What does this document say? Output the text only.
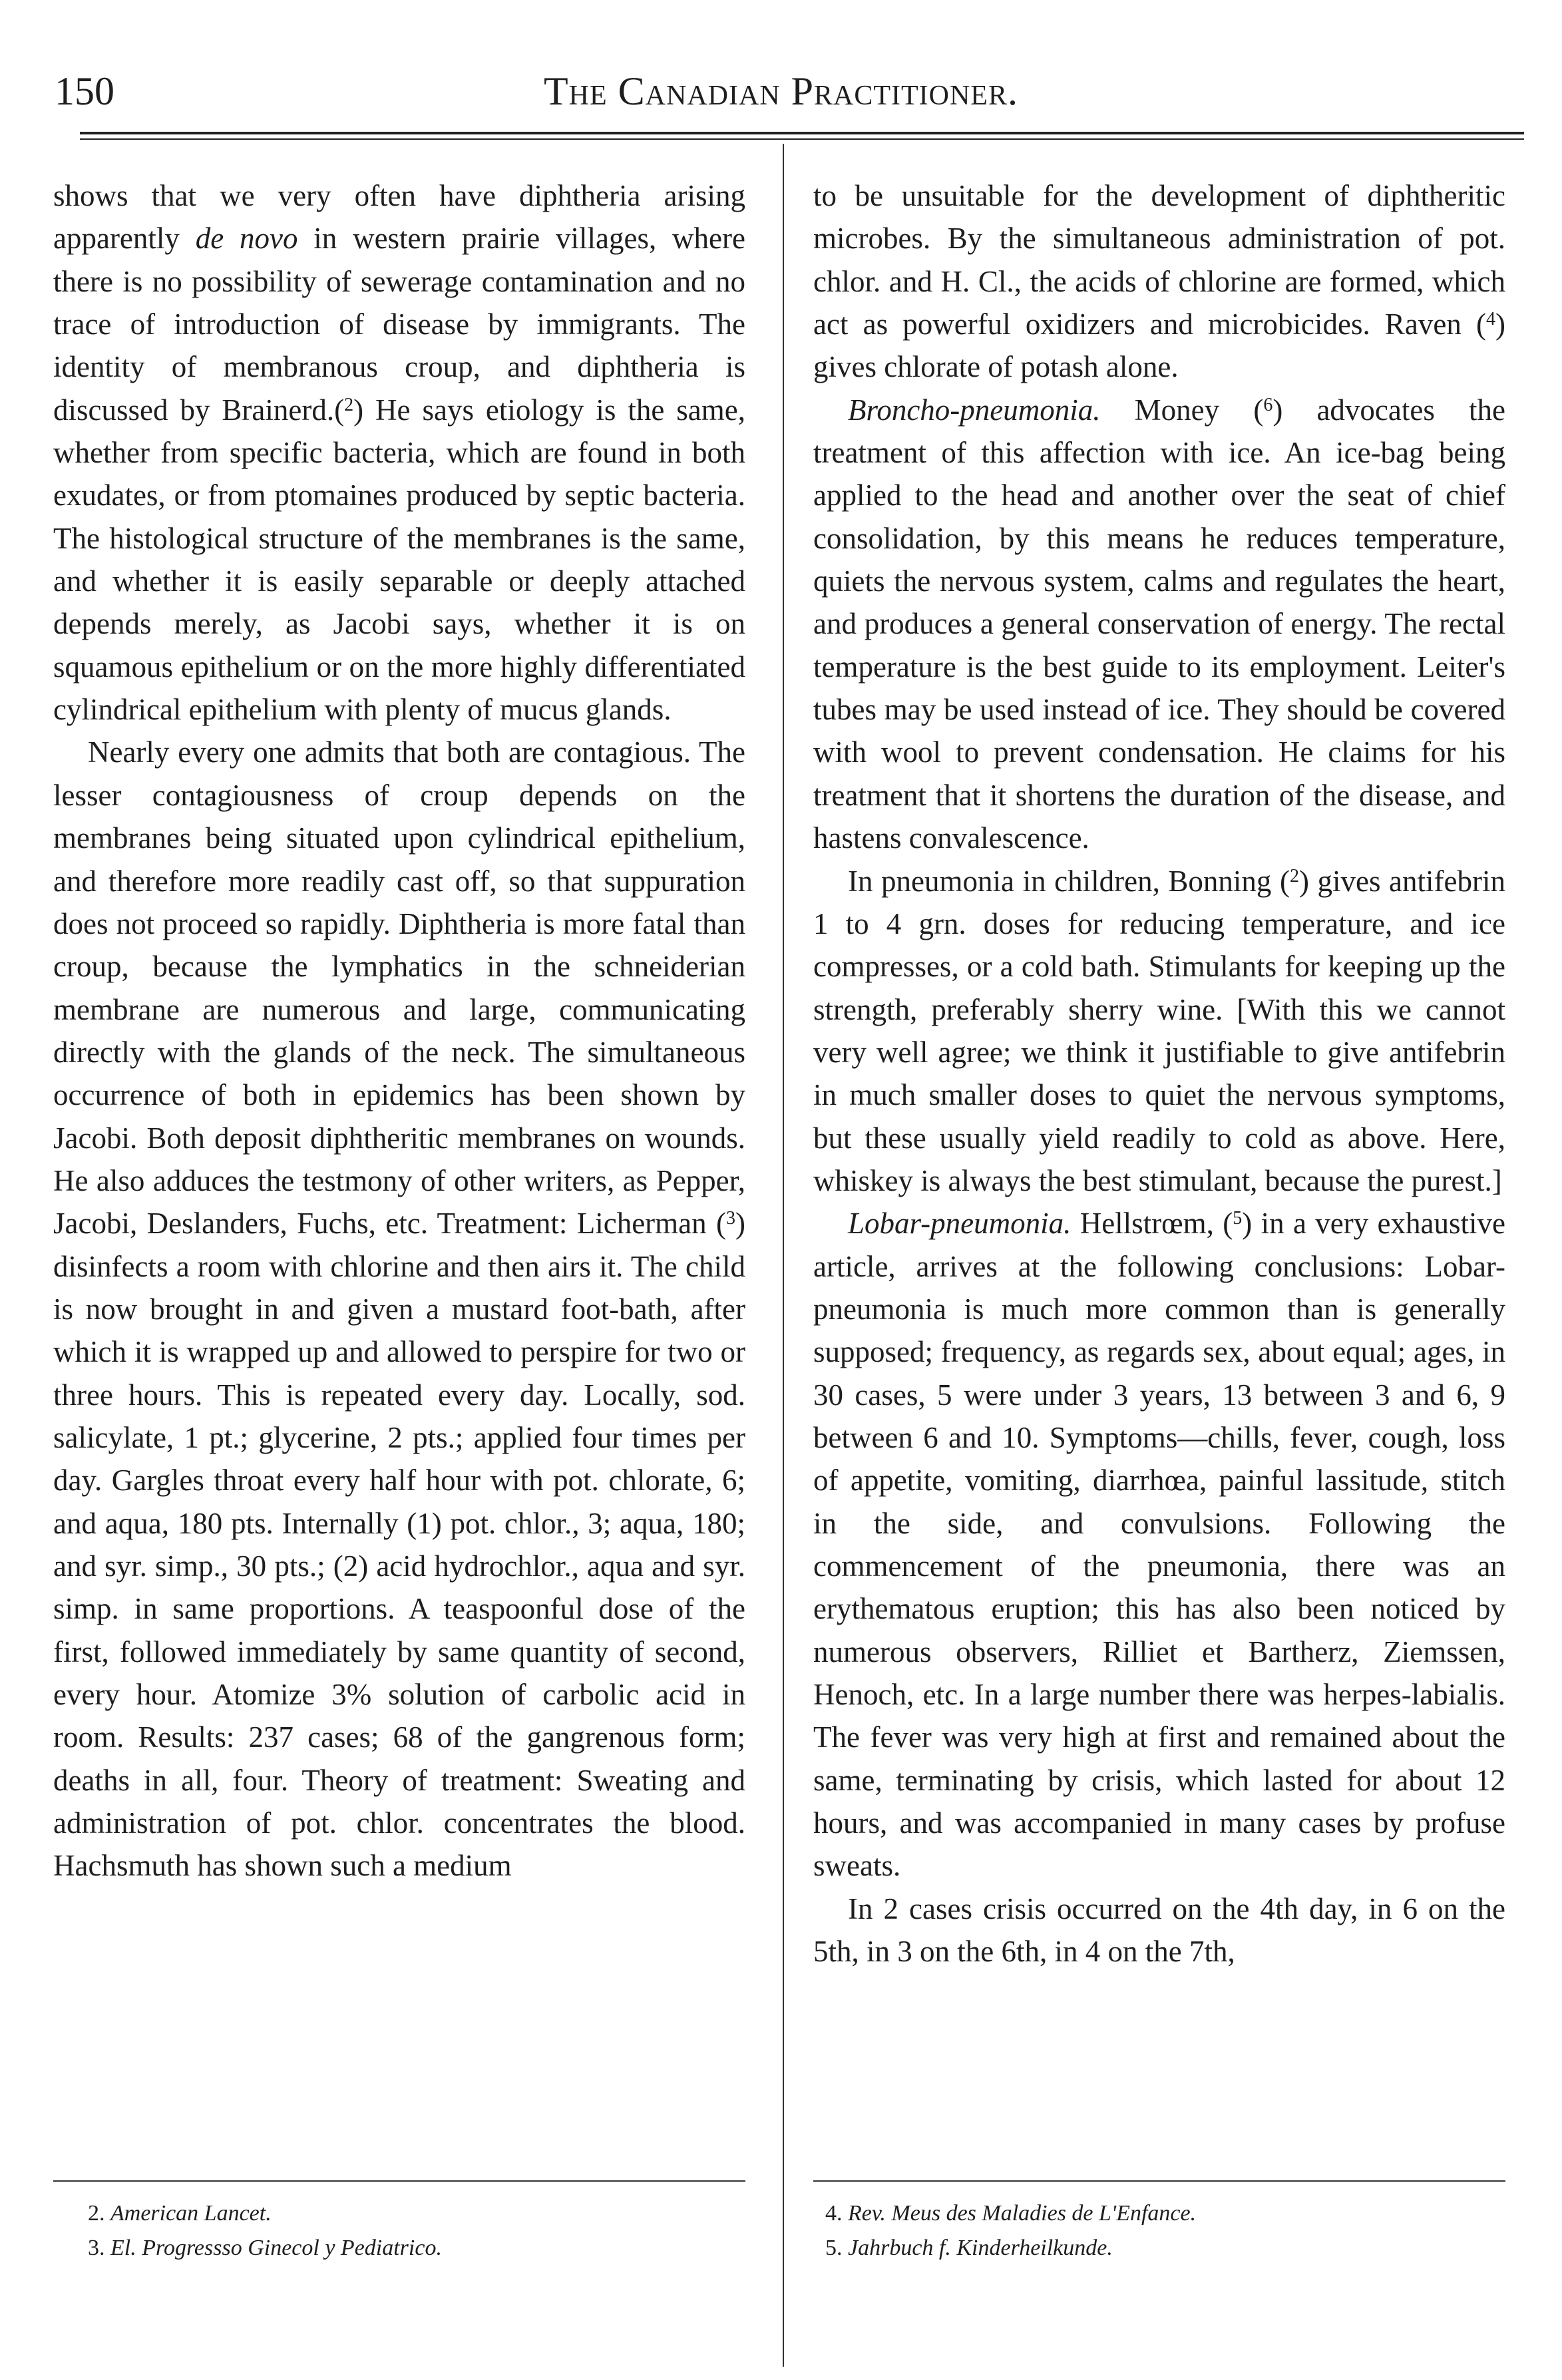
150	The Canadian Practitioner.

shows that we very often have diphtheria arising apparently de novo in western prairie villages, where there is no possibility of sewerage contamination and no trace of introduction of disease by immigrants. The identity of membranous croup, and diphtheria is discussed by Brainerd.($^2$) He says etiology is the same, whether from specific bacteria, which are found in both exudates, or from ptomaines produced by septic bacteria. The histological structure of the membranes is the same, and whether it is easily separable or deeply attached depends merely, as Jacobi says, whether it is on squamous epithelium or on the more highly differentiated cylindrical epithelium with plenty of mucus glands.

Nearly every one admits that both are contagious. The lesser contagiousness of croup depends on the membranes being situated upon cylindrical epithelium, and therefore more readily cast off, so that suppuration does not proceed so rapidly. Diphtheria is more fatal than croup, because the lymphatics in the schneiderian membrane are numerous and large, communicating directly with the glands of the neck. The simultaneous occurrence of both in epidemics has been shown by Jacobi. Both deposit diphtheritic membranes on wounds. He also adduces the testmony of other writers, as Pepper, Jacobi, Deslanders, Fuchs, etc. Treatment: Licherman ($^3$) disinfects a room with chlorine and then airs it. The child is now brought in and given a mustard foot-bath, after which it is wrapped up and allowed to perspire for two or three hours. This is repeated every day. Locally, sod. salicylate, 1 pt.; glycerine, 2 pts.; applied four times per day. Gargles throat every half hour with pot. chlorate, 6; and aqua, 180 pts. Internally (1) pot. chlor., 3; aqua, 180; and syr. simp., 30 pts.; (2) acid hydrochlor., aqua and syr. simp. in same proportions. A teaspoonful dose of the first, followed immediately by same quantity of second, every hour. Atomize 3% solution of carbolic acid in room. Results: 237 cases; 68 of the gangrenous form; deaths in all, four. Theory of treatment: Sweating and administration of pot. chlor. concentrates the blood. Hachsmuth has shown such a medium

to be unsuitable for the development of diphtheritic microbes. By the simultaneous administration of pot. chlor. and H. Cl., the acids of chlorine are formed, which act as powerful oxidizers and microbicides. Raven ($^4$) gives chlorate of potash alone.

Broncho-pneumonia. Money ($^6$) advocates the treatment of this affection with ice. An ice-bag being applied to the head and another over the seat of chief consolidation, by this means he reduces temperature, quiets the nervous system, calms and regulates the heart, and produces a general conservation of energy. The rectal temperature is the best guide to its employment. Leiter's tubes may be used instead of ice. They should be covered with wool to prevent condensation. He claims for his treatment that it shortens the duration of the disease, and hastens convalescence.

In pneumonia in children, Bonning ($^2$) gives antifebrin 1 to 4 grn. doses for reducing temperature, and ice compresses, or a cold bath. Stimulants for keeping up the strength, preferably sherry wine. [With this we cannot very well agree; we think it justifiable to give antifebrin in much smaller doses to quiet the nervous symptoms, but these usually yield readily to cold as above. Here, whiskey is always the best stimulant, because the purest.]

Lobar-pneumonia. Hellstrœm, ($^5$) in a very exhaustive article, arrives at the following conclusions: Lobar-pneumonia is much more common than is generally supposed; frequency, as regards sex, about equal; ages, in 30 cases, 5 were under 3 years, 13 between 3 and 6, 9 between 6 and 10. Symptoms—chills, fever, cough, loss of appetite, vomiting, diarrhœa, painful lassitude, stitch in the side, and convulsions. Following the commencement of the pneumonia, there was an erythematous eruption; this has also been noticed by numerous observers, Rilliet et Bartherz, Ziemssen, Henoch, etc. In a large number there was herpes-labialis. The fever was very high at first and remained about the same, terminating by crisis, which lasted for about 12 hours, and was accompanied in many cases by profuse sweats.

In 2 cases crisis occurred on the 4th day, in 6 on the 5th, in 3 on the 6th, in 4 on the 7th,

2. American Lancet.
3. El. Progressso Ginecol y Pediatrico.
4. Rev. Meus des Maladies de L'Enfance.
5. Jahrbuch f. Kinderheilkunde.
